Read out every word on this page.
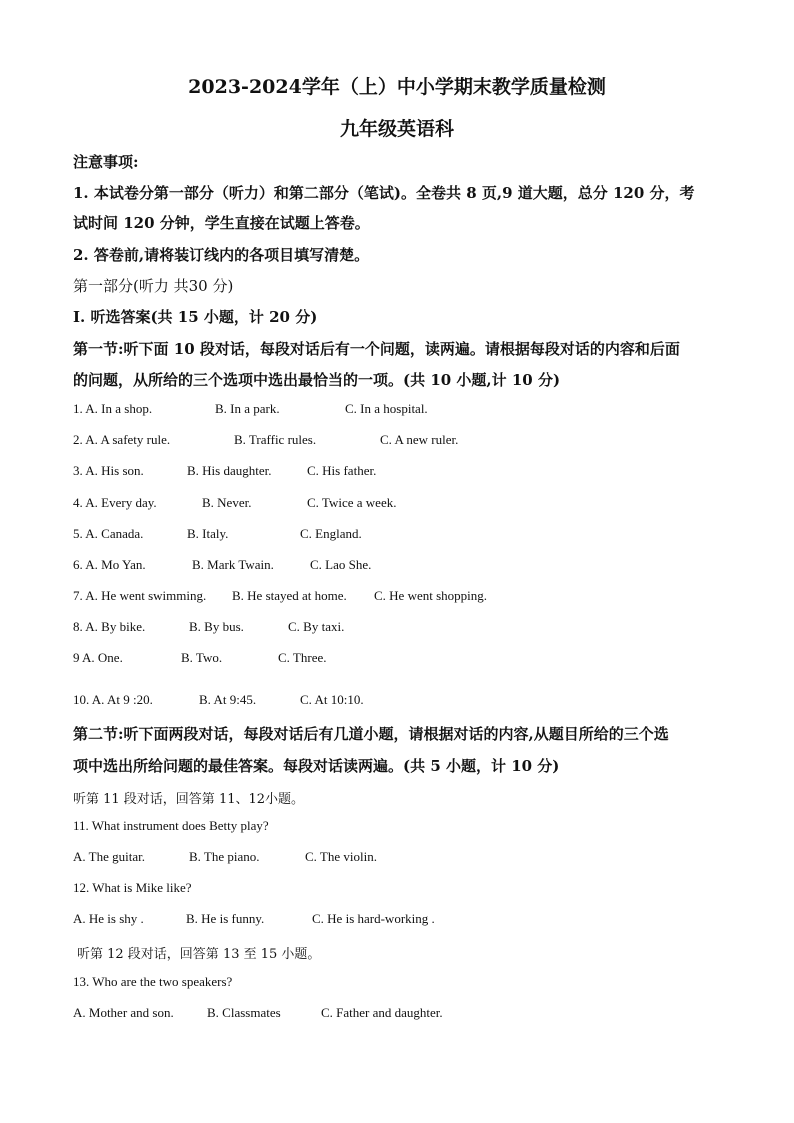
2023-2024学年（上）中小学期末教学质量检测
九年级英语科
注意事项:
1. 本试卷分第一部分（听力）和第二部分（笔试)。全卷共 8 页,9 道大题，总分 120 分，考
试时间 120 分钟，学生直接在试题上答卷。
2. 答卷前,请将装订线内的各项目填写清楚。
第一部分(听力 共30 分)
I. 听选答案(共 15 小题，计 20 分)
第一节:听下面 10 段对话，每段对话后有一个问题，读两遍。请根据每段对话的内容和后面
的问题，从所给的三个选项中选出最恰当的一项。(共 10 小题,计 10 分)
1. A. In a shop.	B. In a park.	C. In a hospital.
2. A. A safety rule.	B. Traffic rules.	C. A new ruler.
3. A. His son.	B. His daughter.	C. His father.
4. A. Every day.	B. Never.	C. Twice a week.
5. A. Canada.	B. Italy.	C. England.
6. A. Mo Yan.	B. Mark Twain.	C. Lao She.
7. A. He went swimming. B. He stayed at home. C. He went shopping.
8. A. By bike.	B. By bus.	C. By taxi.
9 A. One.	B. Two.	C. Three.
10. A. At 9 :20.	B. At 9:45.	C. At 10:10.
第二节:听下面两段对话，每段对话后有几道小题，请根据对话的内容,从题目所给的三个选
项中选出所给问题的最佳答案。每段对话读两遍。(共 5 小题，计 10 分)
听第 11 段对话，回答第 11、12小题。
11. What instrument does Betty play?
A. The guitar.	B. The piano.	C. The violin.
12. What is Mike like?
A. He is shy .	B. He is funny.	C. He is hard-working .
听第 12 段对话，回答第 13 至 15 小题。
13. Who are the two speakers?
A. Mother and son.	B. Classmates	C. Father and daughter.
